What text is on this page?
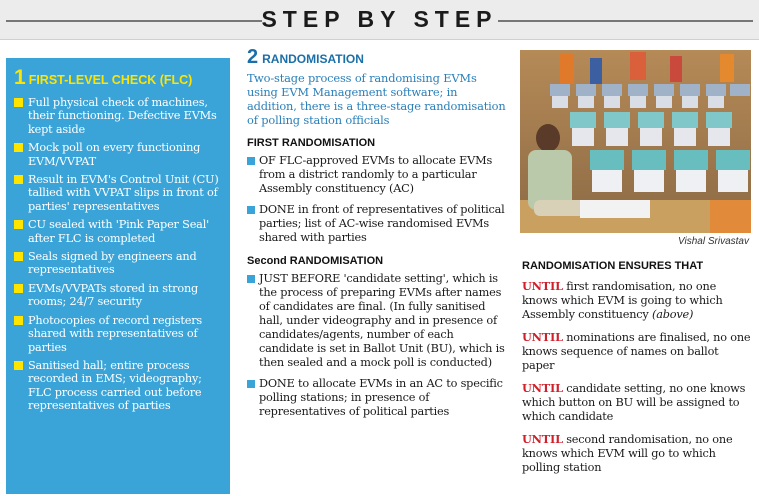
STEP BY STEP
1 FIRST-LEVEL CHECK (FLC)
Full physical check of machines, their functioning. Defective EVMs kept aside
Mock poll on every functioning EVM/VVPAT
Result in EVM's Control Unit (CU) tallied with VVPAT slips in front of parties' representatives
CU sealed with 'Pink Paper Seal' after FLC is completed
Seals signed by engineers and representatives
EVMs/VVPATs stored in strong rooms; 24/7 security
Photocopies of record registers shared with representatives of parties
Sanitised hall; entire process recorded in EMS; videography; FLC process carried out before representatives of parties
2 RANDOMISATION

Two-stage process of randomising EVMs using EVM Management software; in addition, there is a three-stage randomisation of polling station officials

FIRST RANDOMISATION

OF FLC-approved EVMs to allocate EVMs from a district randomly to a particular Assembly constituency (AC)

DONE in front of representatives of political parties; list of AC-wise randomised EVMs shared with parties

Second RANDOMISATION

JUST BEFORE 'candidate setting', which is the process of preparing EVMs after names of candidates are final. (In fully sanitised hall, under videography and in presence of candidates/agents, number of each candidate is set in Ballot Unit (BU), which is then sealed and a mock poll is conducted)

DONE to allocate EVMs in an AC to specific polling stations; in presence of representatives of political parties

Vishal Srivastav
RANDOMISATION ENSURES THAT

UNTIL first randomisation, no one knows which EVM is going to which Assembly constituency (above)

UNTIL nominations are finalised, no one knows sequence of names on ballot paper

UNTIL candidate setting, no one knows which button on BU will be assigned to which candidate

UNTIL second randomisation, no one knows which EVM will go to which polling station
